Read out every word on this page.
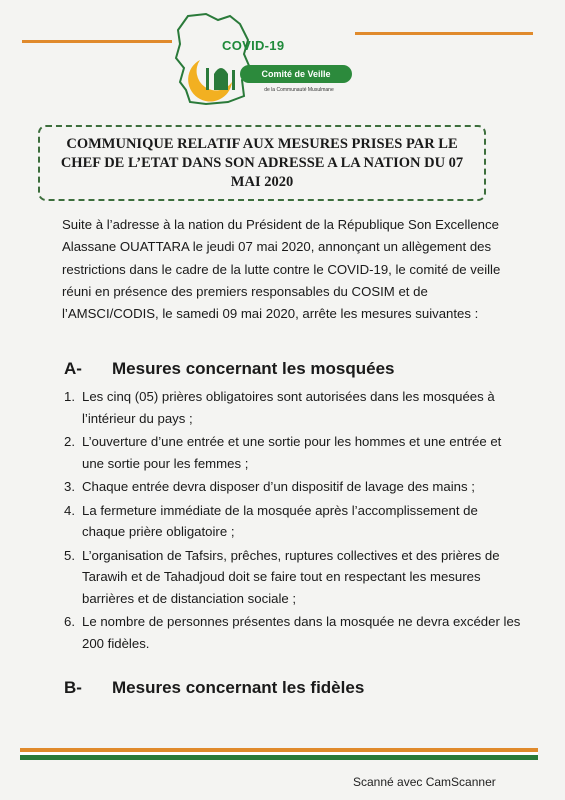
COVID-19
Comité de Veille
de la Communauté Musulmane

COMMUNIQUE RELATIF AUX MESURES PRISES PAR LE CHEF DE L’ETAT DANS SON ADRESSE A LA NATION DU 07 MAI 2020

Suite à l’adresse à la nation du Président de la République Son Excellence Alassane OUATTARA le jeudi 07 mai 2020, annonçant un allègement des restrictions dans le cadre de la lutte contre le COVID-19, le comité de veille réuni en présence des premiers responsables du COSIM et de l’AMSCI/CODIS, le samedi 09 mai 2020, arrête les mesures suivantes :

A-	Mesures concernant les mosquées
1. Les cinq (05) prières obligatoires sont autorisées dans les mosquées à l’intérieur du pays ;
2. L’ouverture d’une entrée et une sortie pour les hommes et une entrée et une sortie pour les femmes ;
3. Chaque entrée devra disposer d’un dispositif de lavage des mains ;
4. La fermeture immédiate de la mosquée après l’accomplissement de chaque prière obligatoire ;
5. L’organisation de Tafsirs, prêches, ruptures collectives et des prières de Tarawih et de Tahadjoud doit se faire tout en respectant les mesures barrières et de distanciation sociale ;
6. Le nombre de personnes présentes dans la mosquée ne devra excéder les 200 fidèles.
B-	Mesures concernant les fidèles
Scanné avec CamScanner
